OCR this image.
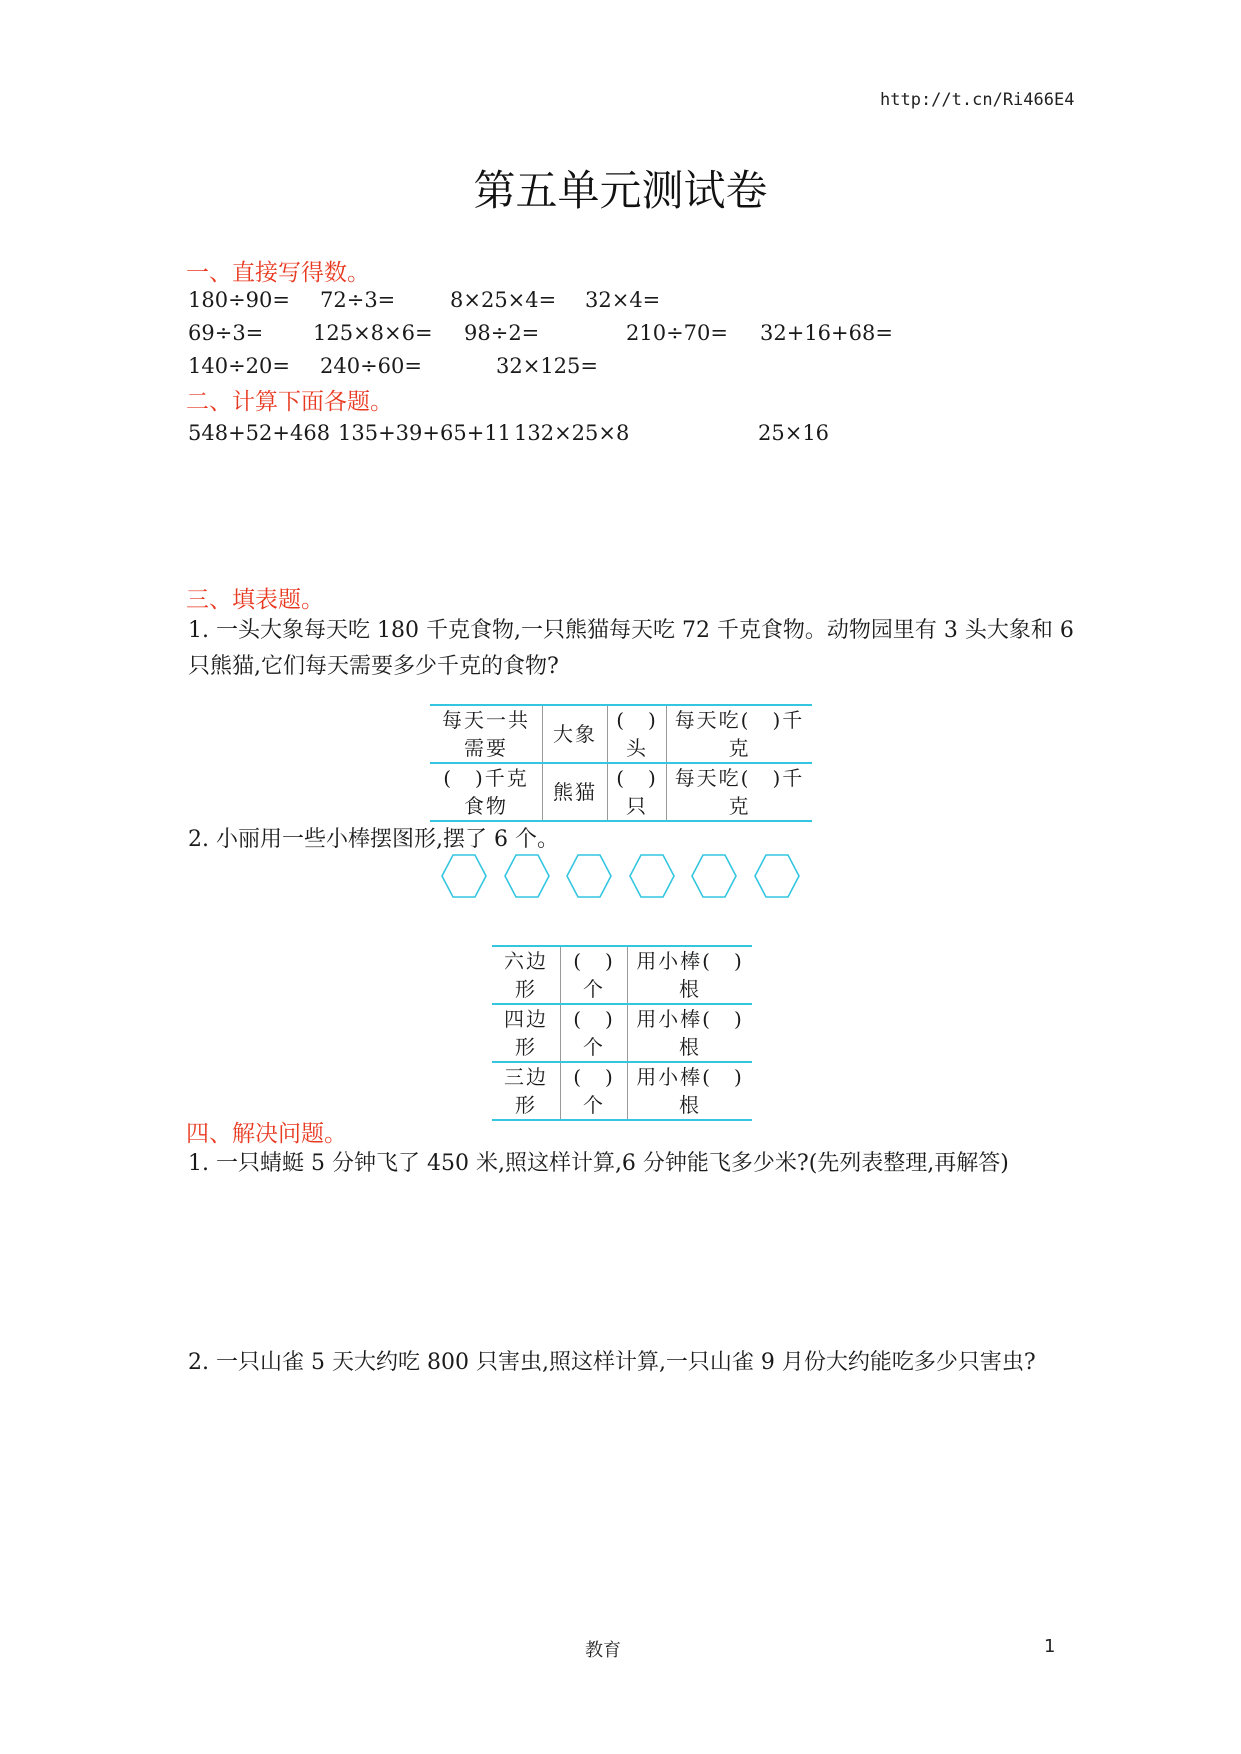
http://t.cn/Ri466E4
第五单元测试卷
一、直接写得数。
180÷90= 72÷3=	8×25×4= 32×4=
69÷3= 125×8×6= 98÷2=	210÷70= 32+16+68=
140÷20= 240÷60=	32×125=
二、计算下面各题。
548+52+468 135+39+65+11 132×25×8	25×16
三、填表题。
1. 一头大象每天吃 180 千克食物,一只熊猫每天吃 72 千克食物。动物园里有 3 头大象和 6 只熊猫,它们每天需要多少千克的食物?
每天一共需要	大象	(　)头	每天吃(　)千克
(　)千克食物	熊猫	(　)只	每天吃(　)千克
2. 小丽用一些小棒摆图形,摆了 6 个。
六边形	(　)个	用小棒(　)根
四边形	(　)个	用小棒(　)根
三边形	(　)个	用小棒(　)根
四、解决问题。
1. 一只蜻蜓 5 分钟飞了 450 米,照这样计算,6 分钟能飞多少米?(先列表整理,再解答)
2. 一只山雀 5 天大约吃 800 只害虫,照这样计算,一只山雀 9 月份大约能吃多少只害虫?
教育	1
